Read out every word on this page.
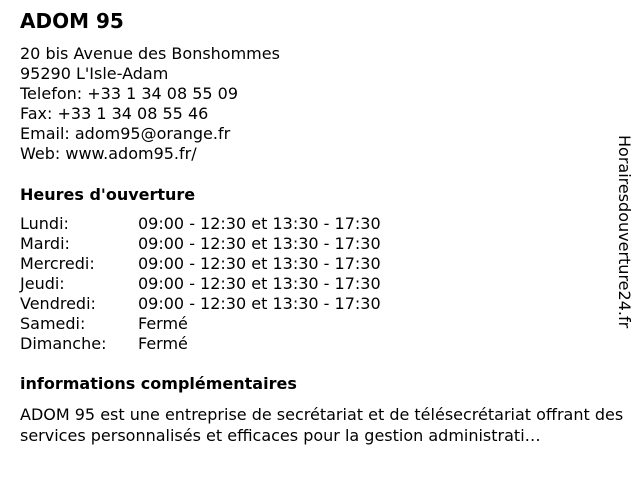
ADOM 95
20 bis Avenue des Bonshommes
95290 L'Isle-Adam
Telefon: +33 1 34 08 55 09
Fax: +33 1 34 08 55 46
Email: adom95@orange.fr
Web: www.adom95.fr/
Heures d'ouverture
Lundi:	09:00 - 12:30 et 13:30 - 17:30
Mardi:	09:00 - 12:30 et 13:30 - 17:30
Mercredi:	09:00 - 12:30 et 13:30 - 17:30
Jeudi:	09:00 - 12:30 et 13:30 - 17:30
Vendredi:	09:00 - 12:30 et 13:30 - 17:30
Samedi:	Fermé
Dimanche:	Fermé
informations complémentaires
ADOM 95 est une entreprise de secrétariat et de télésecrétariat offrant des services personnalisés et efficaces pour la gestion administrati…
Horairesdouverture24.fr
